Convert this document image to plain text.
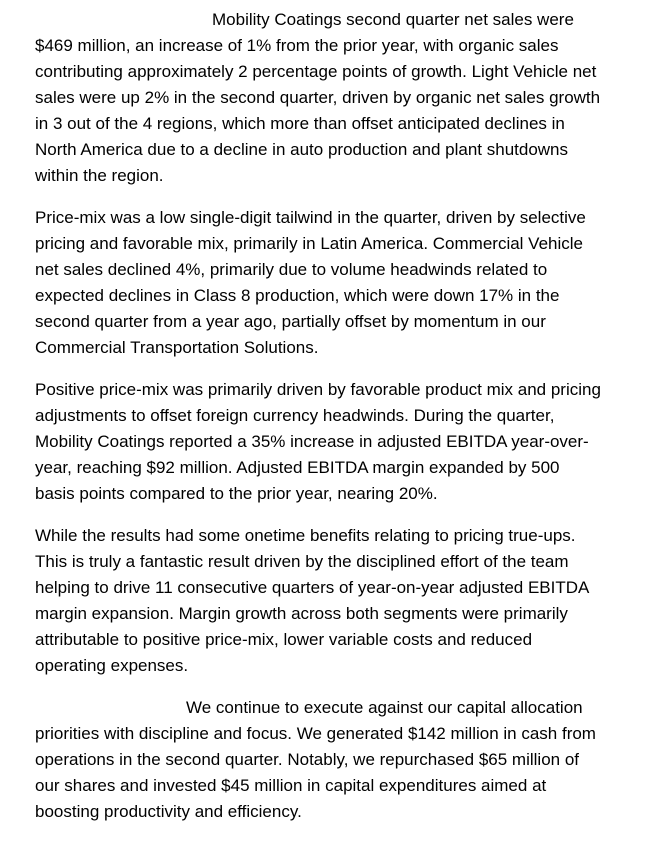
Mobility Coatings second quarter net sales were
$469 million, an increase of 1% from the prior year, with organic sales
contributing approximately 2 percentage points of growth. Light Vehicle net
sales were up 2% in the second quarter, driven by organic net sales growth
in 3 out of the 4 regions, which more than offset anticipated declines in
North America due to a decline in auto production and plant shutdowns
within the region.

Price-mix was a low single-digit tailwind in the quarter, driven by selective
pricing and favorable mix, primarily in Latin America. Commercial Vehicle
net sales declined 4%, primarily due to volume headwinds related to
expected declines in Class 8 production, which were down 17% in the
second quarter from a year ago, partially offset by momentum in our
Commercial Transportation Solutions.

Positive price-mix was primarily driven by favorable product mix and pricing
adjustments to offset foreign currency headwinds. During the quarter,
Mobility Coatings reported a 35% increase in adjusted EBITDA year-over-
year, reaching $92 million. Adjusted EBITDA margin expanded by 500
basis points compared to the prior year, nearing 20%.

While the results had some onetime benefits relating to pricing true-ups.
This is truly a fantastic result driven by the disciplined effort of the team
helping to drive 11 consecutive quarters of year-on-year adjusted EBITDA
margin expansion. Margin growth across both segments were primarily
attributable to positive price-mix, lower variable costs and reduced
operating expenses.

We continue to execute against our capital allocation
priorities with discipline and focus. We generated $142 million in cash from
operations in the second quarter. Notably, we repurchased $65 million of
our shares and invested $45 million in capital expenditures aimed at
boosting productivity and efficiency.
